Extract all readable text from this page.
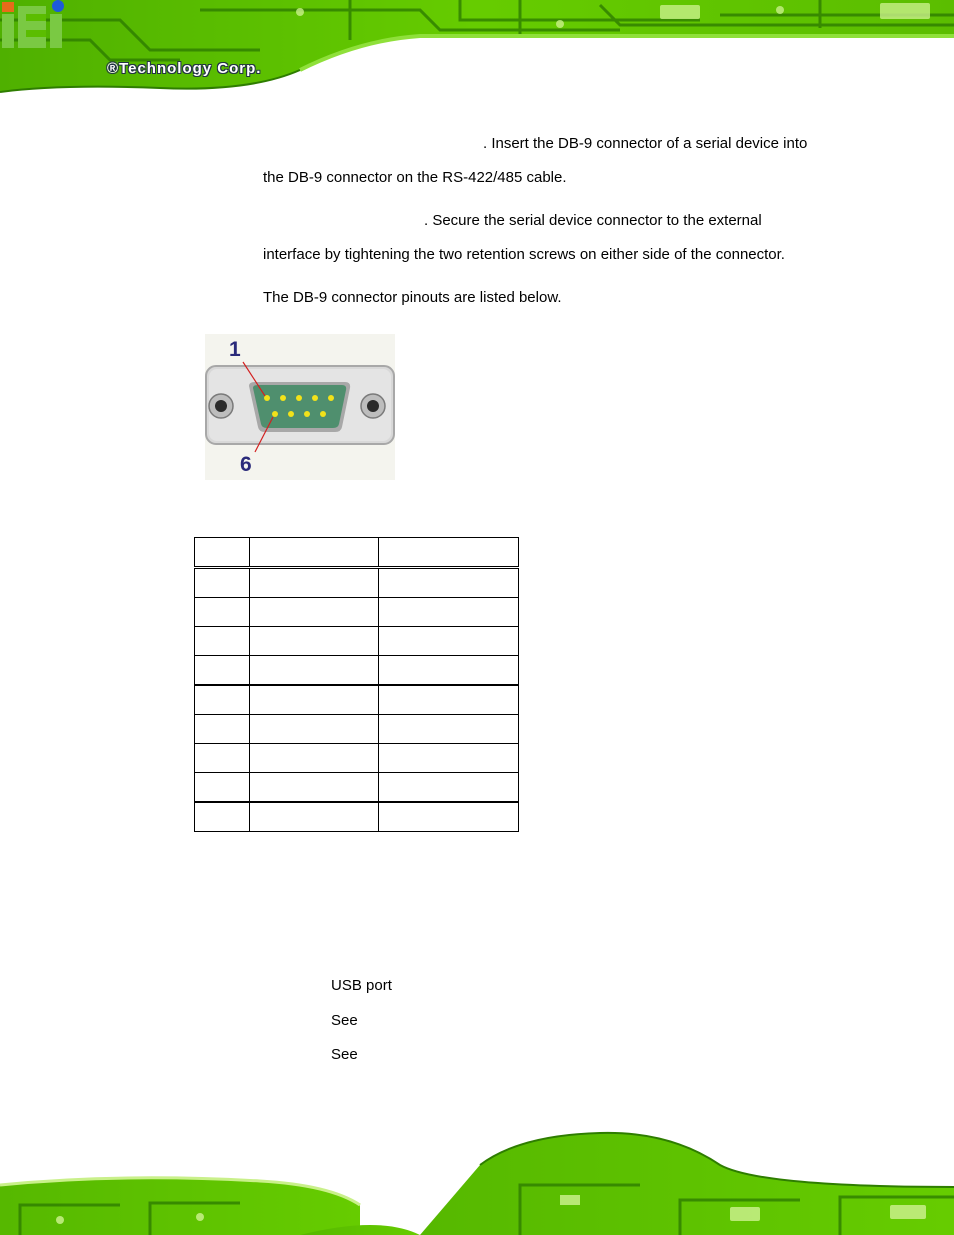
®Technology Corp.
. Insert the DB-9 connector of a serial device into
the DB-9 connector on the RS-422/485 cable.
. Secure the serial device connector to the external
interface by tightening the two retention screws on either side of the connector.
The DB-9 connector pinouts are listed below.
1
6

USB port
See
See
